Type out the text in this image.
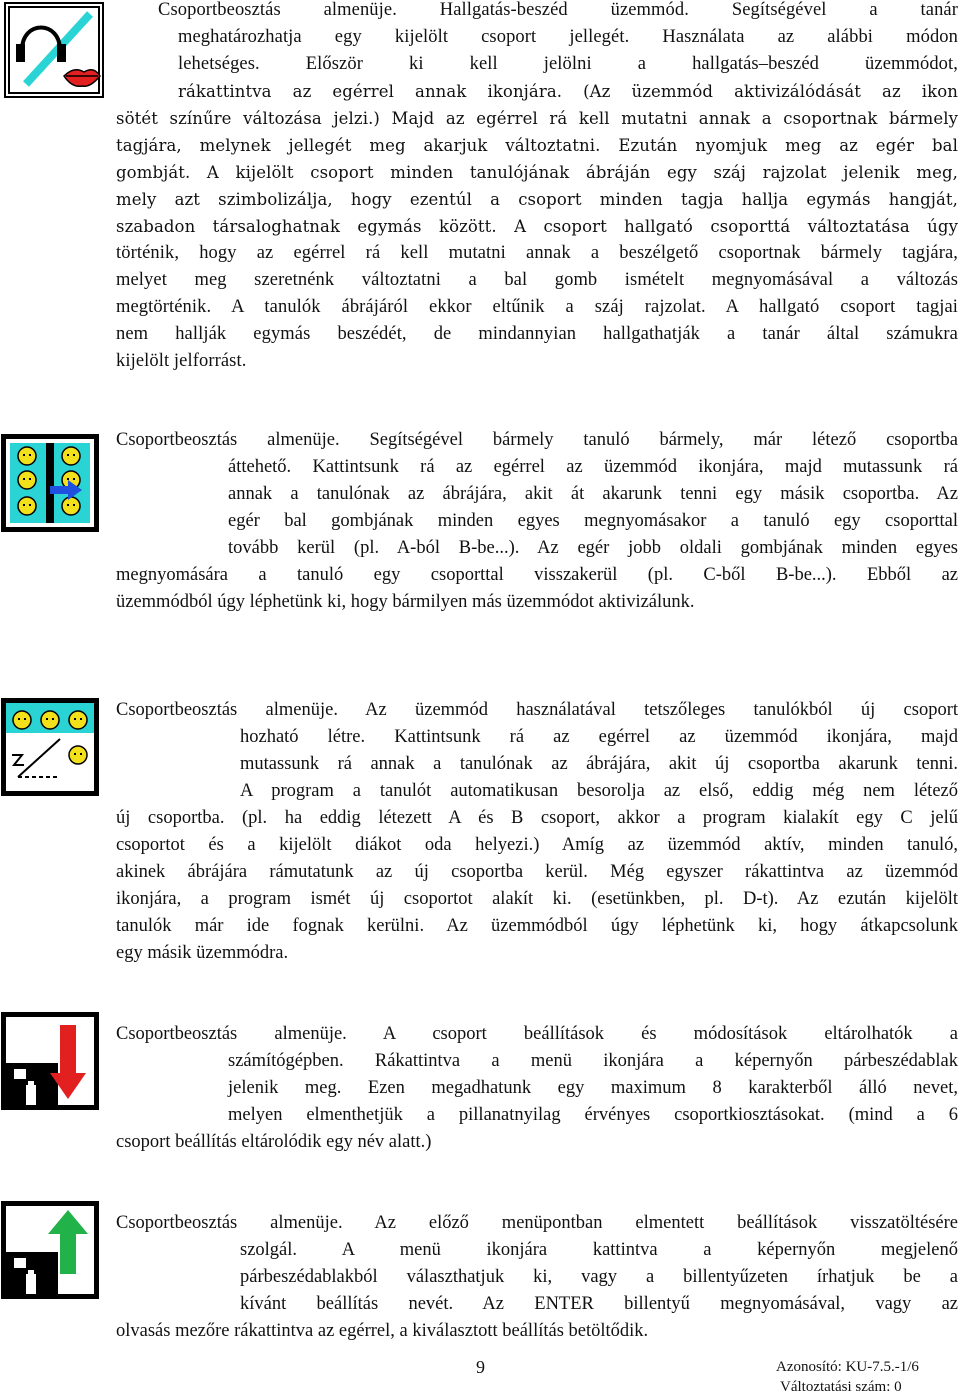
Csoportbeosztás almenüje. Hallgatás-beszéd üzemmód. Segítségével a tanár
meghatározhatja egy kijelölt csoport jellegét. Használata az alábbi módon
lehetséges. Először ki kell jelölni a hallgatás–beszéd üzemmódot,
rákattintva az egérrel annak ikonjára. (Az üzemmód aktivizálódását az ikon
sötét színűre változása jelzi.) Majd az egérrel rá kell mutatni annak a csoportnak bármely
tagjára, melynek jellegét meg akarjuk változtatni. Ezután nyomjuk meg az egér bal
gombját. A kijelölt csoport minden tanulójának ábráján egy száj rajzolat jelenik meg,
mely azt szimbolizálja, hogy ezentúl a csoport minden tagja hallja egymás hangját,
szabadon társaloghatnak egymás között. A csoport hallgató csoporttá változtatása úgy
történik, hogy az egérrel rá kell mutatni annak a beszélgető csoportnak bármely tagjára,
melyet meg szeretnénk változtatni a bal gomb ismételt megnyomásával a változás
megtörténik. A tanulók ábrájáról ekkor eltűnik a száj rajzolat. A hallgató csoport tagjai
nem hallják egymás beszédét, de mindannyian hallgathatják a tanár által számukra
kijelölt jelforrást.
Csoportbeosztás almenüje. Segítségével bármely tanuló bármely, már létező csoportba
áttehető. Kattintsunk rá az egérrel az üzemmód ikonjára, majd mutassunk rá
annak a tanulónak az ábrájára, akit át akarunk tenni egy másik csoportba. Az
egér bal gombjának minden egyes megnyomásakor a tanuló egy csoporttal
tovább kerül (pl. A-ból B-be...). Az egér jobb oldali gombjának minden egyes
megnyomására a tanuló egy csoporttal visszakerül (pl. C-ből B-be...). Ebből az
üzemmódból úgy léphetünk ki, hogy bármilyen más üzemmódot aktivizálunk.
Csoportbeosztás almenüje. Az üzemmód használatával tetszőleges tanulókból új csoport
hozható létre. Kattintsunk rá az egérrel az üzemmód ikonjára, majd
mutassunk rá annak a tanulónak az ábrájára, akit új csoportba akarunk tenni.
A program a tanulót automatikusan besorolja az első, eddig még nem létező
új csoportba. (pl. ha eddig létezett A és B csoport, akkor a program kialakít egy C jelű
csoportot és a kijelölt diákot oda helyezi.) Amíg az üzemmód aktív, minden tanuló,
akinek ábrájára rámutatunk az új csoportba kerül. Még egyszer rákattintva az üzemmód
ikonjára, a program ismét új csoportot alakít ki. (esetünkben, pl. D-t). Az ezután kijelölt
tanulók már ide fognak kerülni. Az üzemmódból úgy léphetünk ki, hogy átkapcsolunk
egy másik üzemmódra.
Csoportbeosztás almenüje. A csoport beállítások és módosítások eltárolhatók a
számítógépben. Rákattintva a menü ikonjára a képernyőn párbeszédablak
jelenik meg. Ezen megadhatunk egy maximum 8 karakterből álló nevet,
melyen elmenthetjük a pillanatnyilag érvényes csoportkiosztásokat. (mind a 6
csoport beállítás eltárolódik egy név alatt.)
Csoportbeosztás almenüje. Az előző menüpontban elmentett beállítások visszatöltésére
szolgál. A menü ikonjára kattintva a képernyőn megjelenő
párbeszédablakból választhatjuk ki, vagy a billentyűzeten írhatjuk be a
kívánt beállítás nevét. Az ENTER billentyű megnyomásával, vagy az
olvasás mezőre rákattintva az egérrel, a kiválasztott beállítás betöltődik.
9	Azonosító: KU-7.5.-1/6
Változtatási szám: 0
